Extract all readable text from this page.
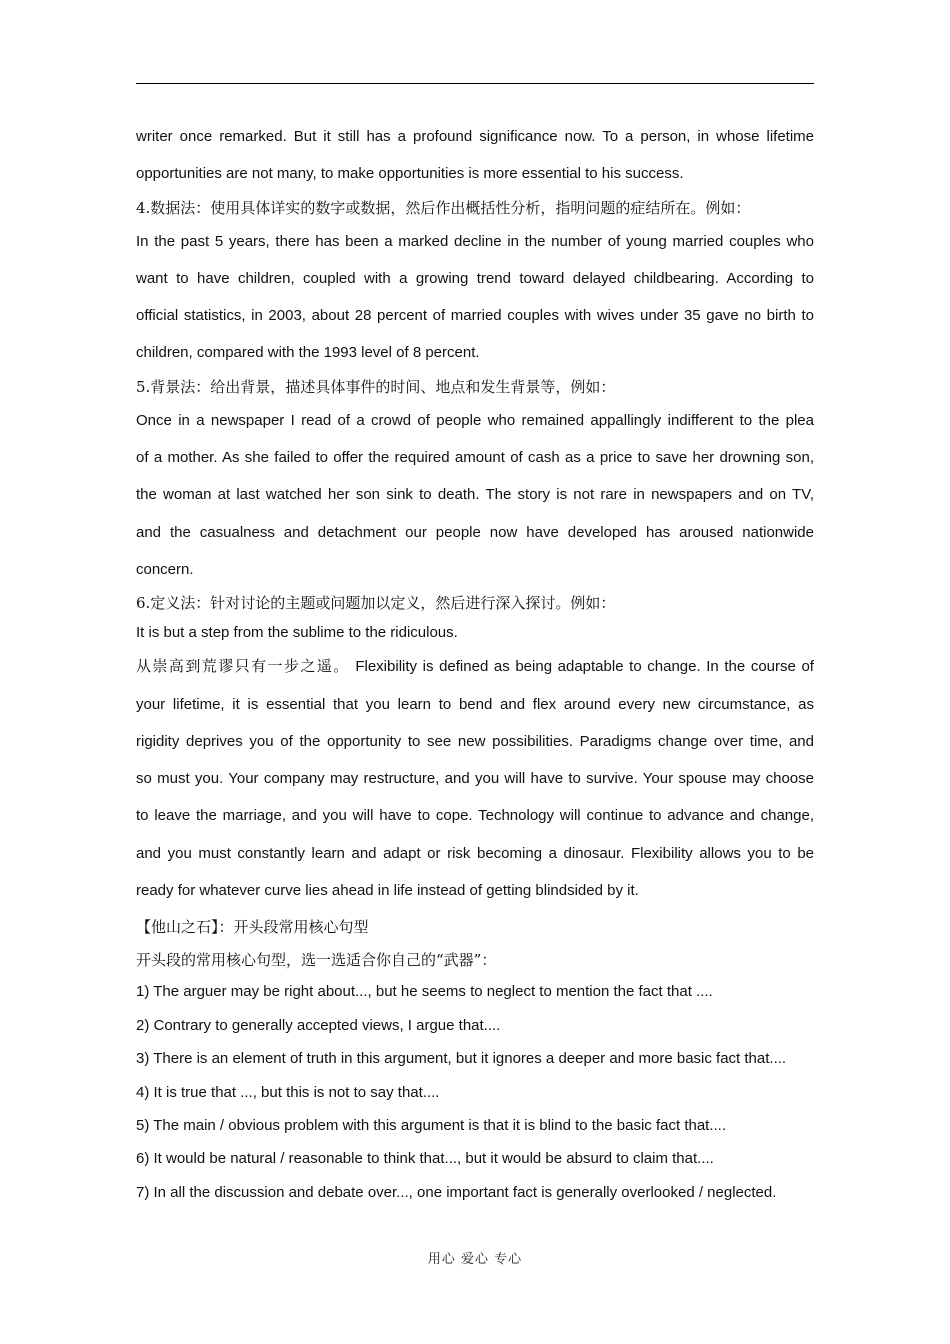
writer once remarked. But it still has a profound significance now. To a person, in whose lifetime
opportunities are not many, to make opportunities is more essential to his success.
4.数据法：使用具体详实的数字或数据，然后作出概括性分析，指明问题的症结所在。例如：
In the past 5 years, there has been a marked decline in the number of young married couples who
want to have children, coupled with a growing trend toward delayed childbearing. According to
official statistics, in 2003, about 28 percent of married couples with wives under 35 gave no birth to
children, compared with the 1993 level of 8 percent.
5.背景法：给出背景，描述具体事件的时间、地点和发生背景等，例如：
Once in a newspaper I read of a crowd of people who remained appallingly indifferent to the plea
of a mother. As she failed to offer the required amount of cash as a price to save her drowning son,
the woman at last watched her son sink to death. The story is not rare in newspapers and on TV,
and the casualness and detachment our people now have developed has aroused nationwide
concern.
6.定义法：针对讨论的主题或问题加以定义，然后进行深入探讨。例如：
It is but a step from the sublime to the ridiculous.
从崇高到荒谬只有一步之遥。 Flexibility is defined as being adaptable to change. In the course of
your lifetime, it is essential that you learn to bend and flex around every new circumstance, as
rigidity deprives you of the opportunity to see new possibilities. Paradigms change over time, and
so must you. Your company may restructure, and you will have to survive. Your spouse may choose
to leave the marriage, and you will have to cope. Technology will continue to advance and change,
and you must constantly learn and adapt or risk becoming a dinosaur. Flexibility allows you to be
ready for whatever curve lies ahead in life instead of getting blindsided by it.
【他山之石】：开头段常用核心句型
开头段的常用核心句型，选一选适合你自己的“武器”：
1) The arguer may be right about..., but he seems to neglect to mention the fact that ....
2) Contrary to generally accepted views, I argue that....
3) There is an element of truth in this argument, but it ignores a deeper and more basic fact that....
4) It is true that ..., but this is not to say that....
5) The main / obvious problem with this argument is that it is blind to the basic fact that....
6) It would be natural / reasonable to think that..., but it would be absurd to claim that....
7) In all the discussion and debate over..., one important fact is generally overlooked / neglected.
用心 爱心 专心
